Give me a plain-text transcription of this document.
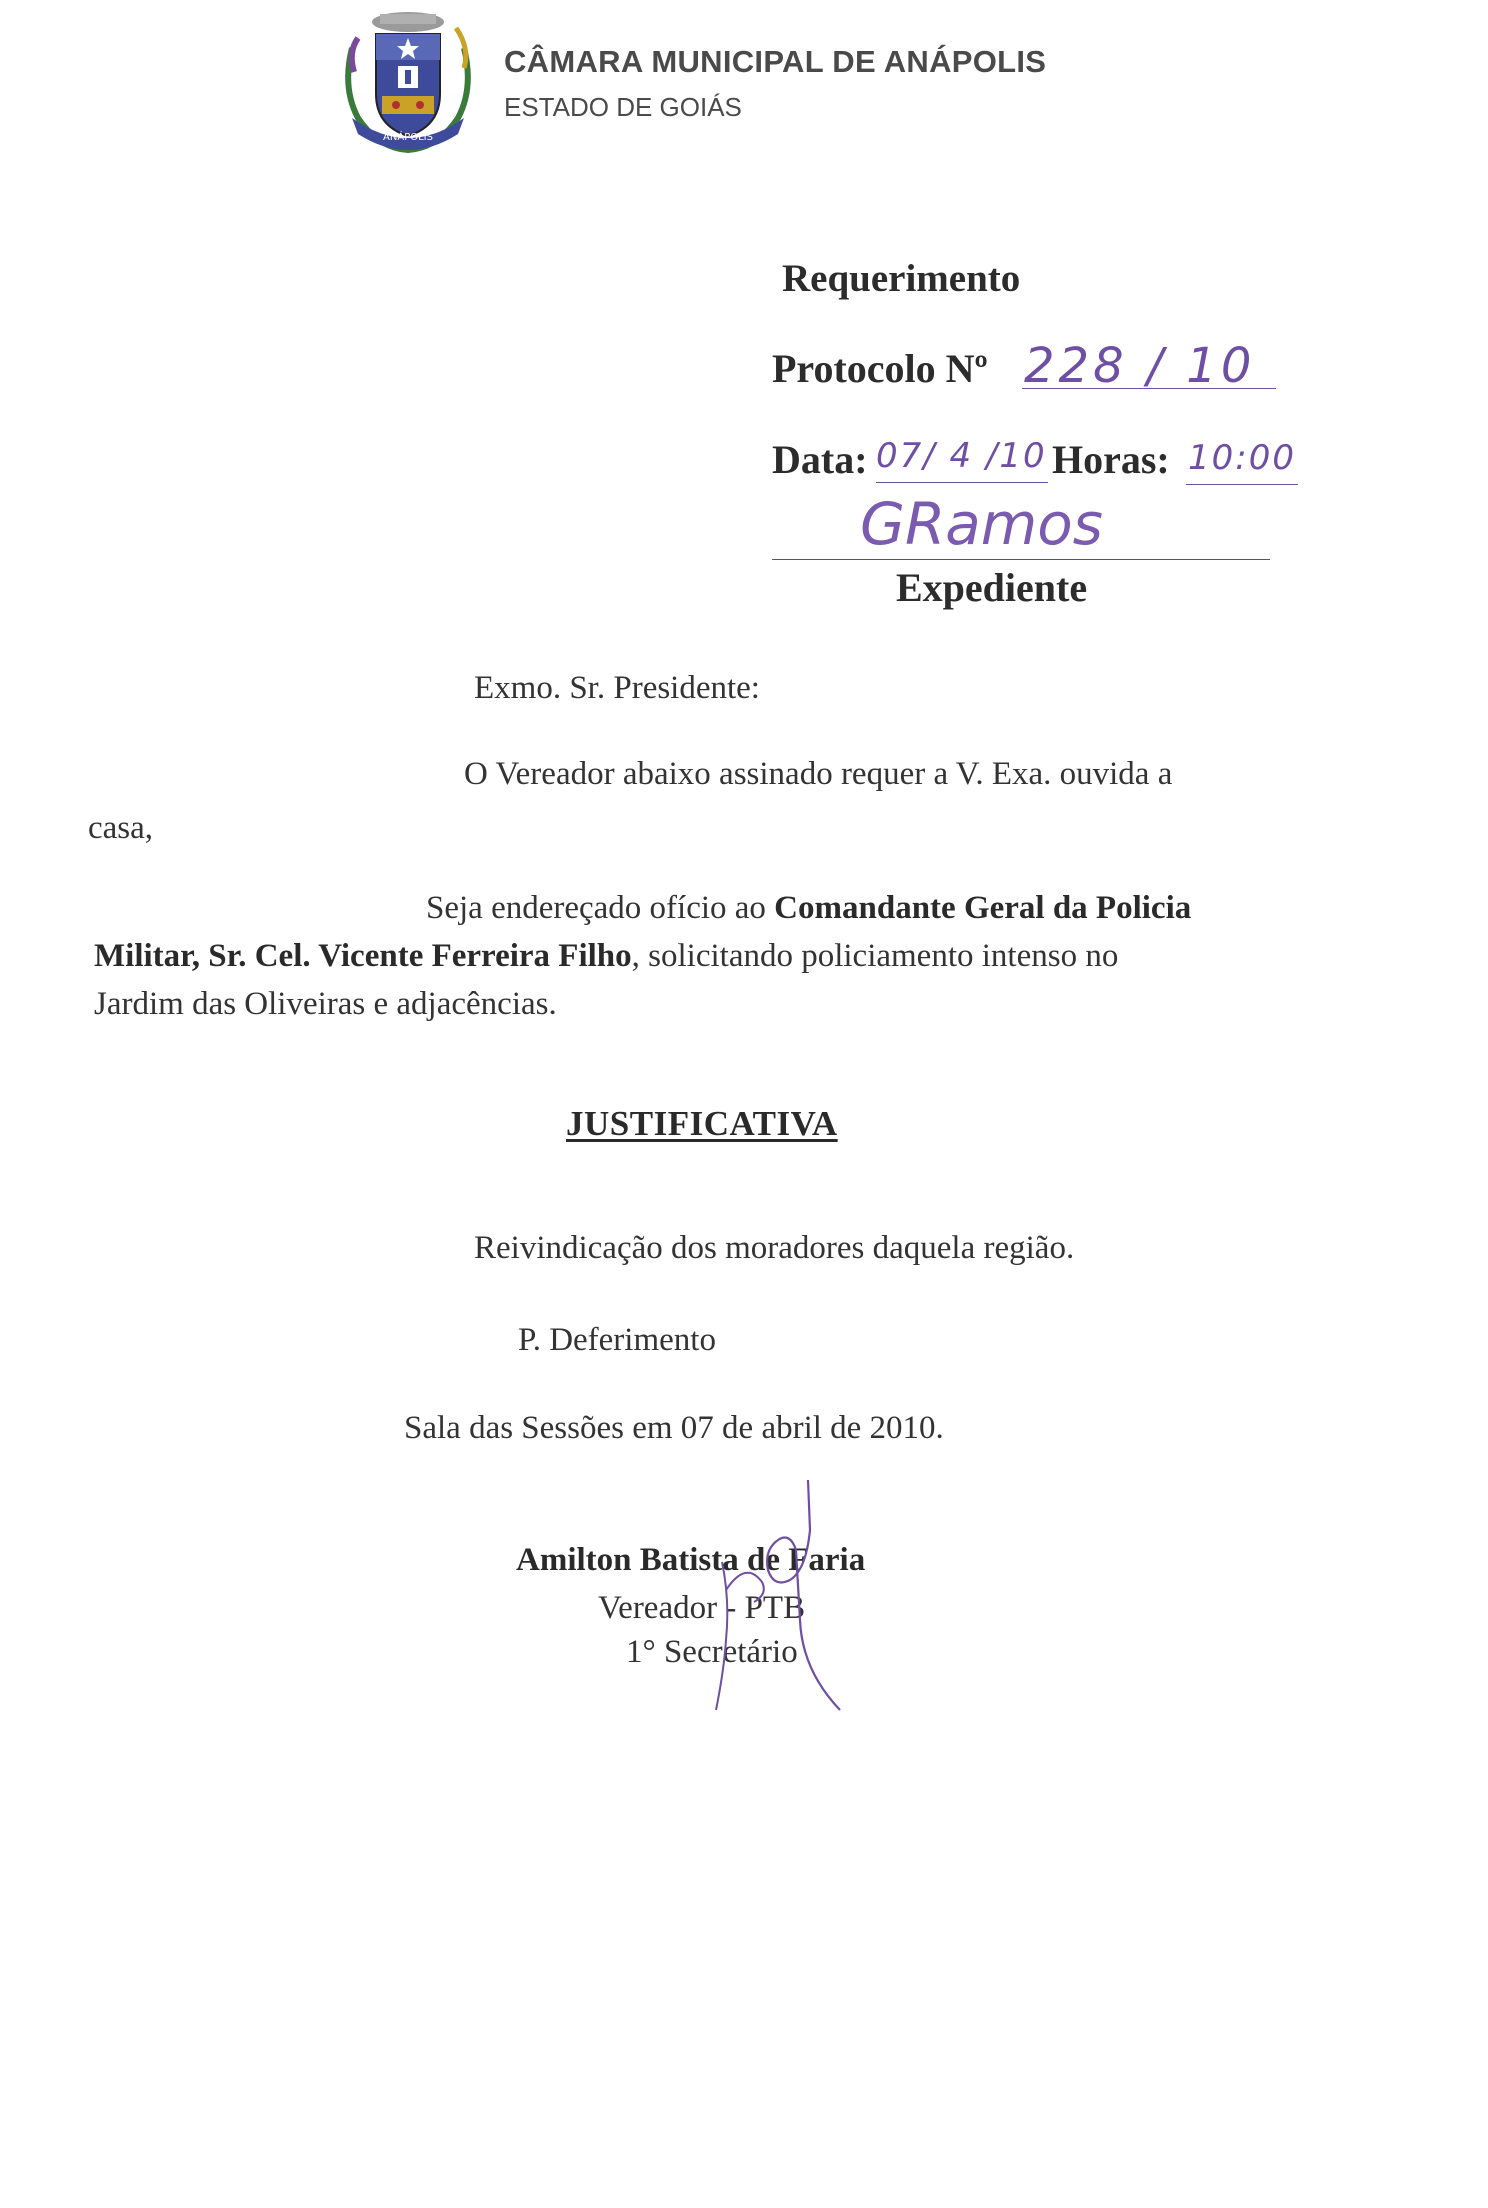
ANÁPOLIS
CÂMARA MUNICIPAL DE ANÁPOLIS
ESTADO DE GOIÁS
Requerimento
Protocolo Nº 228 / 10
Data: 07/ 4 /10 Horas: 10:00
GRamos
Expediente
Exmo. Sr. Presidente:
O Vereador abaixo assinado requer a V. Exa. ouvida a
casa,
Seja endereçado ofício ao Comandante Geral da Policia
Militar, Sr. Cel. Vicente Ferreira Filho, solicitando policiamento intenso no
Jardim das Oliveiras e adjacências.
JUSTIFICATIVA
Reivindicação dos moradores daquela região.
P. Deferimento
Sala das Sessões em 07 de abril de 2010.
Amilton Batista de Faria
Vereador - PTB
1° Secretário
